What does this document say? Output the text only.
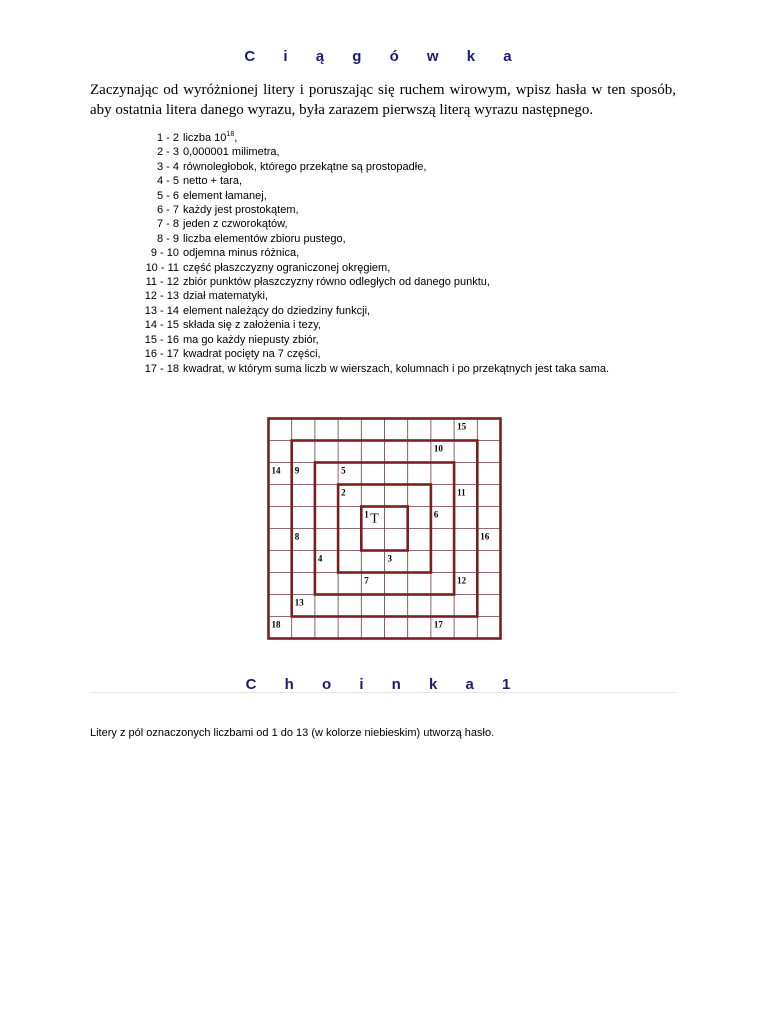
C i ą g ó w k a

Zaczynając od wyróżnionej litery i poruszając się ruchem wirowym, wpisz hasła w ten sposób, aby ostatnia litera danego wyrazu, była zarazem pierwszą literą wyrazu następnego.

1 - 2 liczba $10^{18}$,
2 - 3 0,000001 milimetra,
3 - 4 równoległobok, którego przekątne są prostopadłe,
4 - 5 netto + tara,
5 - 6 element łamanej,
6 - 7 każdy jest prostokątem,
7 - 8 jeden z czworokątów,
8 - 9 liczba elementów zbioru pustego,
9 - 10 odjemna minus różnica,
10 - 11 część płaszczyzny ograniczonej okręgiem,
11 - 12 zbiór punktów płaszczyzny równo odległych od danego punktu,
12 - 13 dział matematyki,
13 - 14 element należący do dziedziny funkcji,
14 - 15 składa się z założenia i tezy,
15 - 16 ma go każdy niepusty zbiór,
16 - 17 kwadrat pocięty na 7 części,
17 - 18 kwadrat, w którym suma liczb w wierszach, kolumnach i po przekątnych jest taka sama.
15
10
14 9	5
2	11
1	6
8	16
4	3
7	12
13
18	17
T
C h o i n k a 1

Litery z pól oznaczonych liczbami od 1 do 13 (w kolorze niebieskim) utworzą hasło.
